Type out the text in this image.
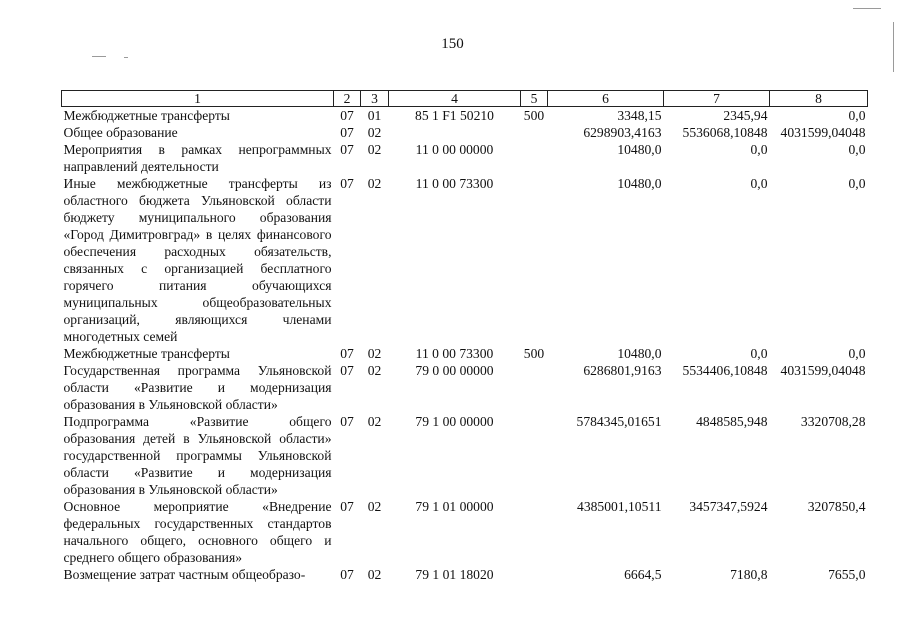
150
1	2	3	4	5	6	7	8
Межбюджетные трансферты	07	01	85 1 F1 50210	500	3348,15	2345,94	0,0
Общее образование	07	02			6298903,4163	5536068,10848	4031599,04048
Мероприятия в рамках непрограммных направлений деятельности	07	02	11 0 00 00000		10480,0	0,0	0,0
Иные межбюджетные трансферты из областного бюджета Ульяновской области бюджету муниципального образования «Город Димитровград» в целях финансового обеспечения расходных обязательств, связанных с организацией бесплатного горячего питания обучающихся муниципальных общеобразовательных организаций, являющихся членами многодетных семей	07	02	11 0 00 73300		10480,0	0,0	0,0
Межбюджетные трансферты	07	02	11 0 00 73300	500	10480,0	0,0	0,0
Государственная программа Ульяновской области «Развитие и модернизация образования в Ульяновской области»	07	02	79 0 00 00000		6286801,9163	5534406,10848	4031599,04048
Подпрограмма «Развитие общего образования детей в Ульяновской области» государственной программы Ульяновской области «Развитие и модернизация образования в Ульяновской области»	07	02	79 1 00 00000		5784345,01651	4848585,948	3320708,28
Основное мероприятие «Внедрение федеральных государственных стандартов начального общего, основного общего и среднего общего образования»	07	02	79 1 01 00000		4385001,10511	3457347,5924	3207850,4
Возмещение затрат частным общеобразо-	07	02	79 1 01 18020		6664,5	7180,8	7655,0
